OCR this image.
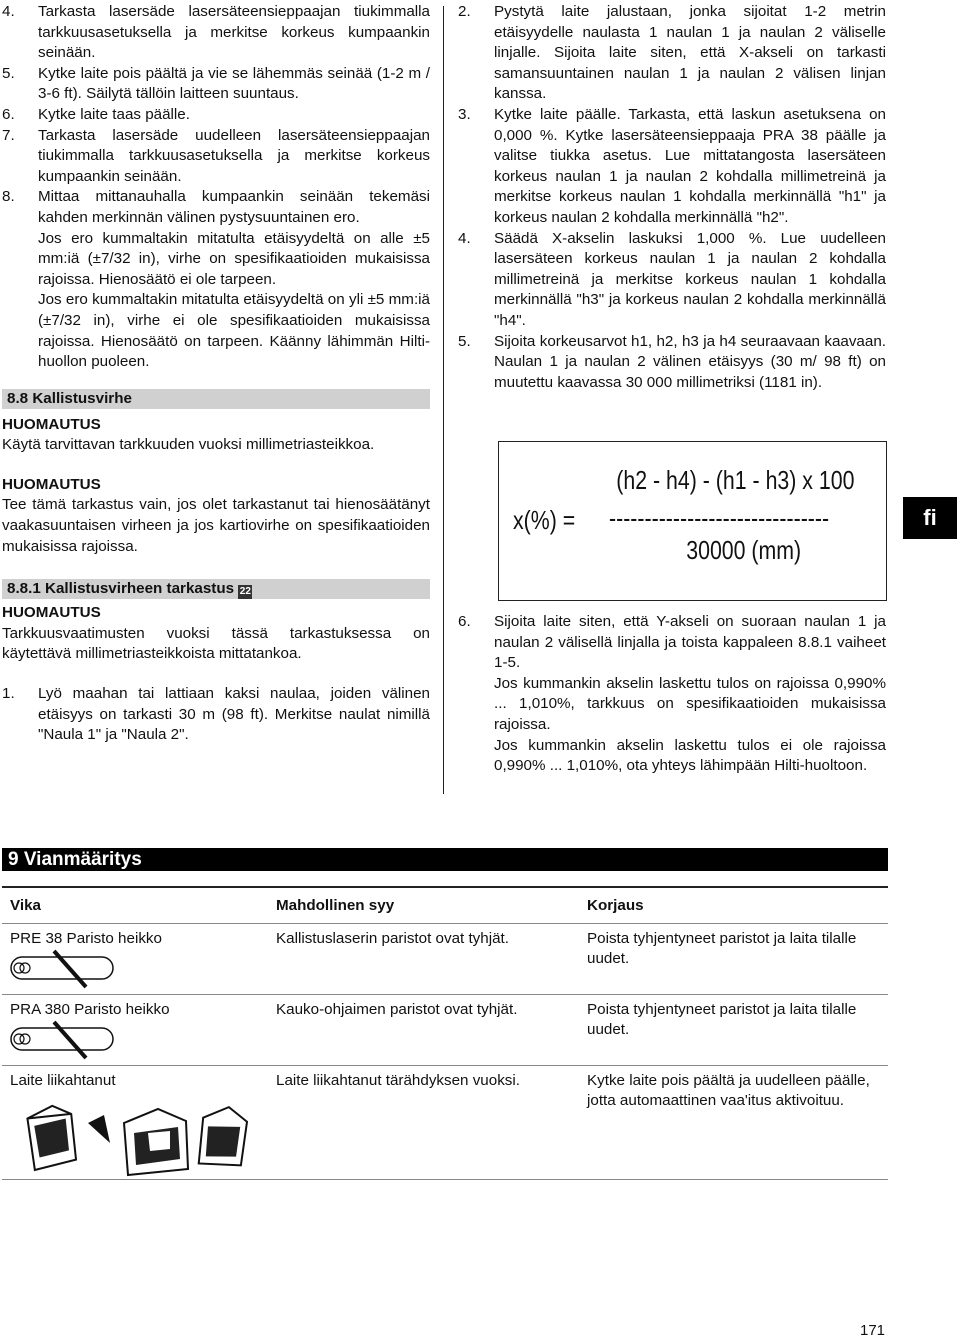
4.	Tarkasta lasersäde lasersäteensieppaajan tiukimmalla tarkkuusasetuksella ja merkitse korkeus kumpaankin seinään.
5.	Kytke laite pois päältä ja vie se lähemmäs seinää (1-2 m / 3-6 ft). Säilytä tällöin laitteen suuntaus.
6.	Kytke laite taas päälle.
7.	Tarkasta lasersäde uudelleen lasersäteensieppaajan tiukimmalla tarkkuusasetuksella ja merkitse korkeus kumpaankin seinään.
8.	Mittaa mittanauhalla kumpaankin seinään tekemäsi kahden merkinnän välinen pystysuuntainen ero.

Jos ero kummaltakin mitatulta etäisyydeltä on alle ±5 mm:iä (±7/32 in), virhe on spesifikaatioiden mukaisissa rajoissa. Hienosäätö ei ole tarpeen.

Jos ero kummaltakin mitatulta etäisyydeltä on yli ±5 mm:iä (±7/32 in), virhe ei ole spesifikaatioiden mukaisissa rajoissa. Hienosäätö on tarpeen. Käänny lähimmän Hilti-huollon puoleen.

8.8 Kallistusvirhe
HUOMAUTUS

Käytä tarvittavan tarkkuuden vuoksi millimetriasteikkoa.

HUOMAUTUS

Tee tämä tarkastus vain, jos olet tarkastanut tai hienosäätänyt vaakasuuntaisen virheen ja jos kartiovirhe on spesifikaatioiden mukaisissa rajoissa.

8.8.1 Kallistusvirheen tarkastus 22
HUOMAUTUS

Tarkkuusvaatimusten vuoksi tässä tarkastuksessa on käytettävä millimetriasteikkoista mittatankoa.

1.	Lyö maahan tai lattiaan kaksi naulaa, joiden välinen etäisyys on tarkasti 30 m (98 ft). Merkitse naulat nimillä "Naula 1" ja "Naula 2".
2.	Pystytä laite jalustaan, jonka sijoitat 1-2 metrin etäisyydelle naulasta 1 naulan 1 ja naulan 2 väliselle linjalle. Sijoita laite siten, että X-akseli on tarkasti samansuuntainen naulan 1 ja naulan 2 välisen linjan kanssa.
3.	Kytke laite päälle. Tarkasta, että laskun asetuksena on 0,000 %. Kytke lasersäteensieppaaja PRA 38 päälle ja valitse tiukka asetus. Lue mittatangosta lasersäteen korkeus naulan 1 ja naulan 2 kohdalla millimetreinä ja merkitse korkeus naulan 1 kohdalla merkinnällä "h1" ja korkeus naulan 2 kohdalla merkinnällä "h2".
4.	Säädä X-akselin laskuksi 1,000 %. Lue uudelleen lasersäteen korkeus naulan 1 ja naulan 2 kohdalla millimetreinä ja merkitse korkeus naulan 1 kohdalla merkinnällä "h3" ja korkeus naulan 2 kohdalla merkinnällä "h4".
5.	Sijoita korkeusarvot h1, h2, h3 ja h4 seuraavaan kaavaan. Naulan 1 ja naulan 2 välinen etäisyys (30 m/ 98 ft) on muutettu kaavassa 30 000 millimetriksi (1181 in).
6.	Sijoita laite siten, että Y-akseli on suoraan naulan 1 ja naulan 2 välisellä linjalla ja toista kappaleen 8.8.1 vaiheet 1-5.

Jos kummankin akselin laskettu tulos on rajoissa 0,990% ... 1,010%, tarkkuus on spesifikaatioiden mukaisissa rajoissa.

Jos kummankin akselin laskettu tulos ei ole rajoissa 0,990% ... 1,010%, ota yhteys lähimpään Hilti-huoltoon.

(h2 - h4) - (h1 - h3) x 100
x(%) = -------------------------------
30000 (mm)
fi
9 Vianmääritys
Vika	Mahdollinen syy	Korjaus

PRE 38 Paristo heikko	Kallistuslaserin paristot ovat tyhjät.	Poista tyhjentyneet paristot ja laita tilalle uudet.

PRA 380 Paristo heikko	Kauko-ohjaimen paristot ovat tyhjät.	Poista tyhjentyneet paristot ja laita tilalle uudet.

Laite liikahtanut	Laite liikahtanut tärähdyksen vuoksi.	Kytke laite pois päältä ja uudelleen päälle, jotta automaattinen vaa'itus aktivoituu.
171
